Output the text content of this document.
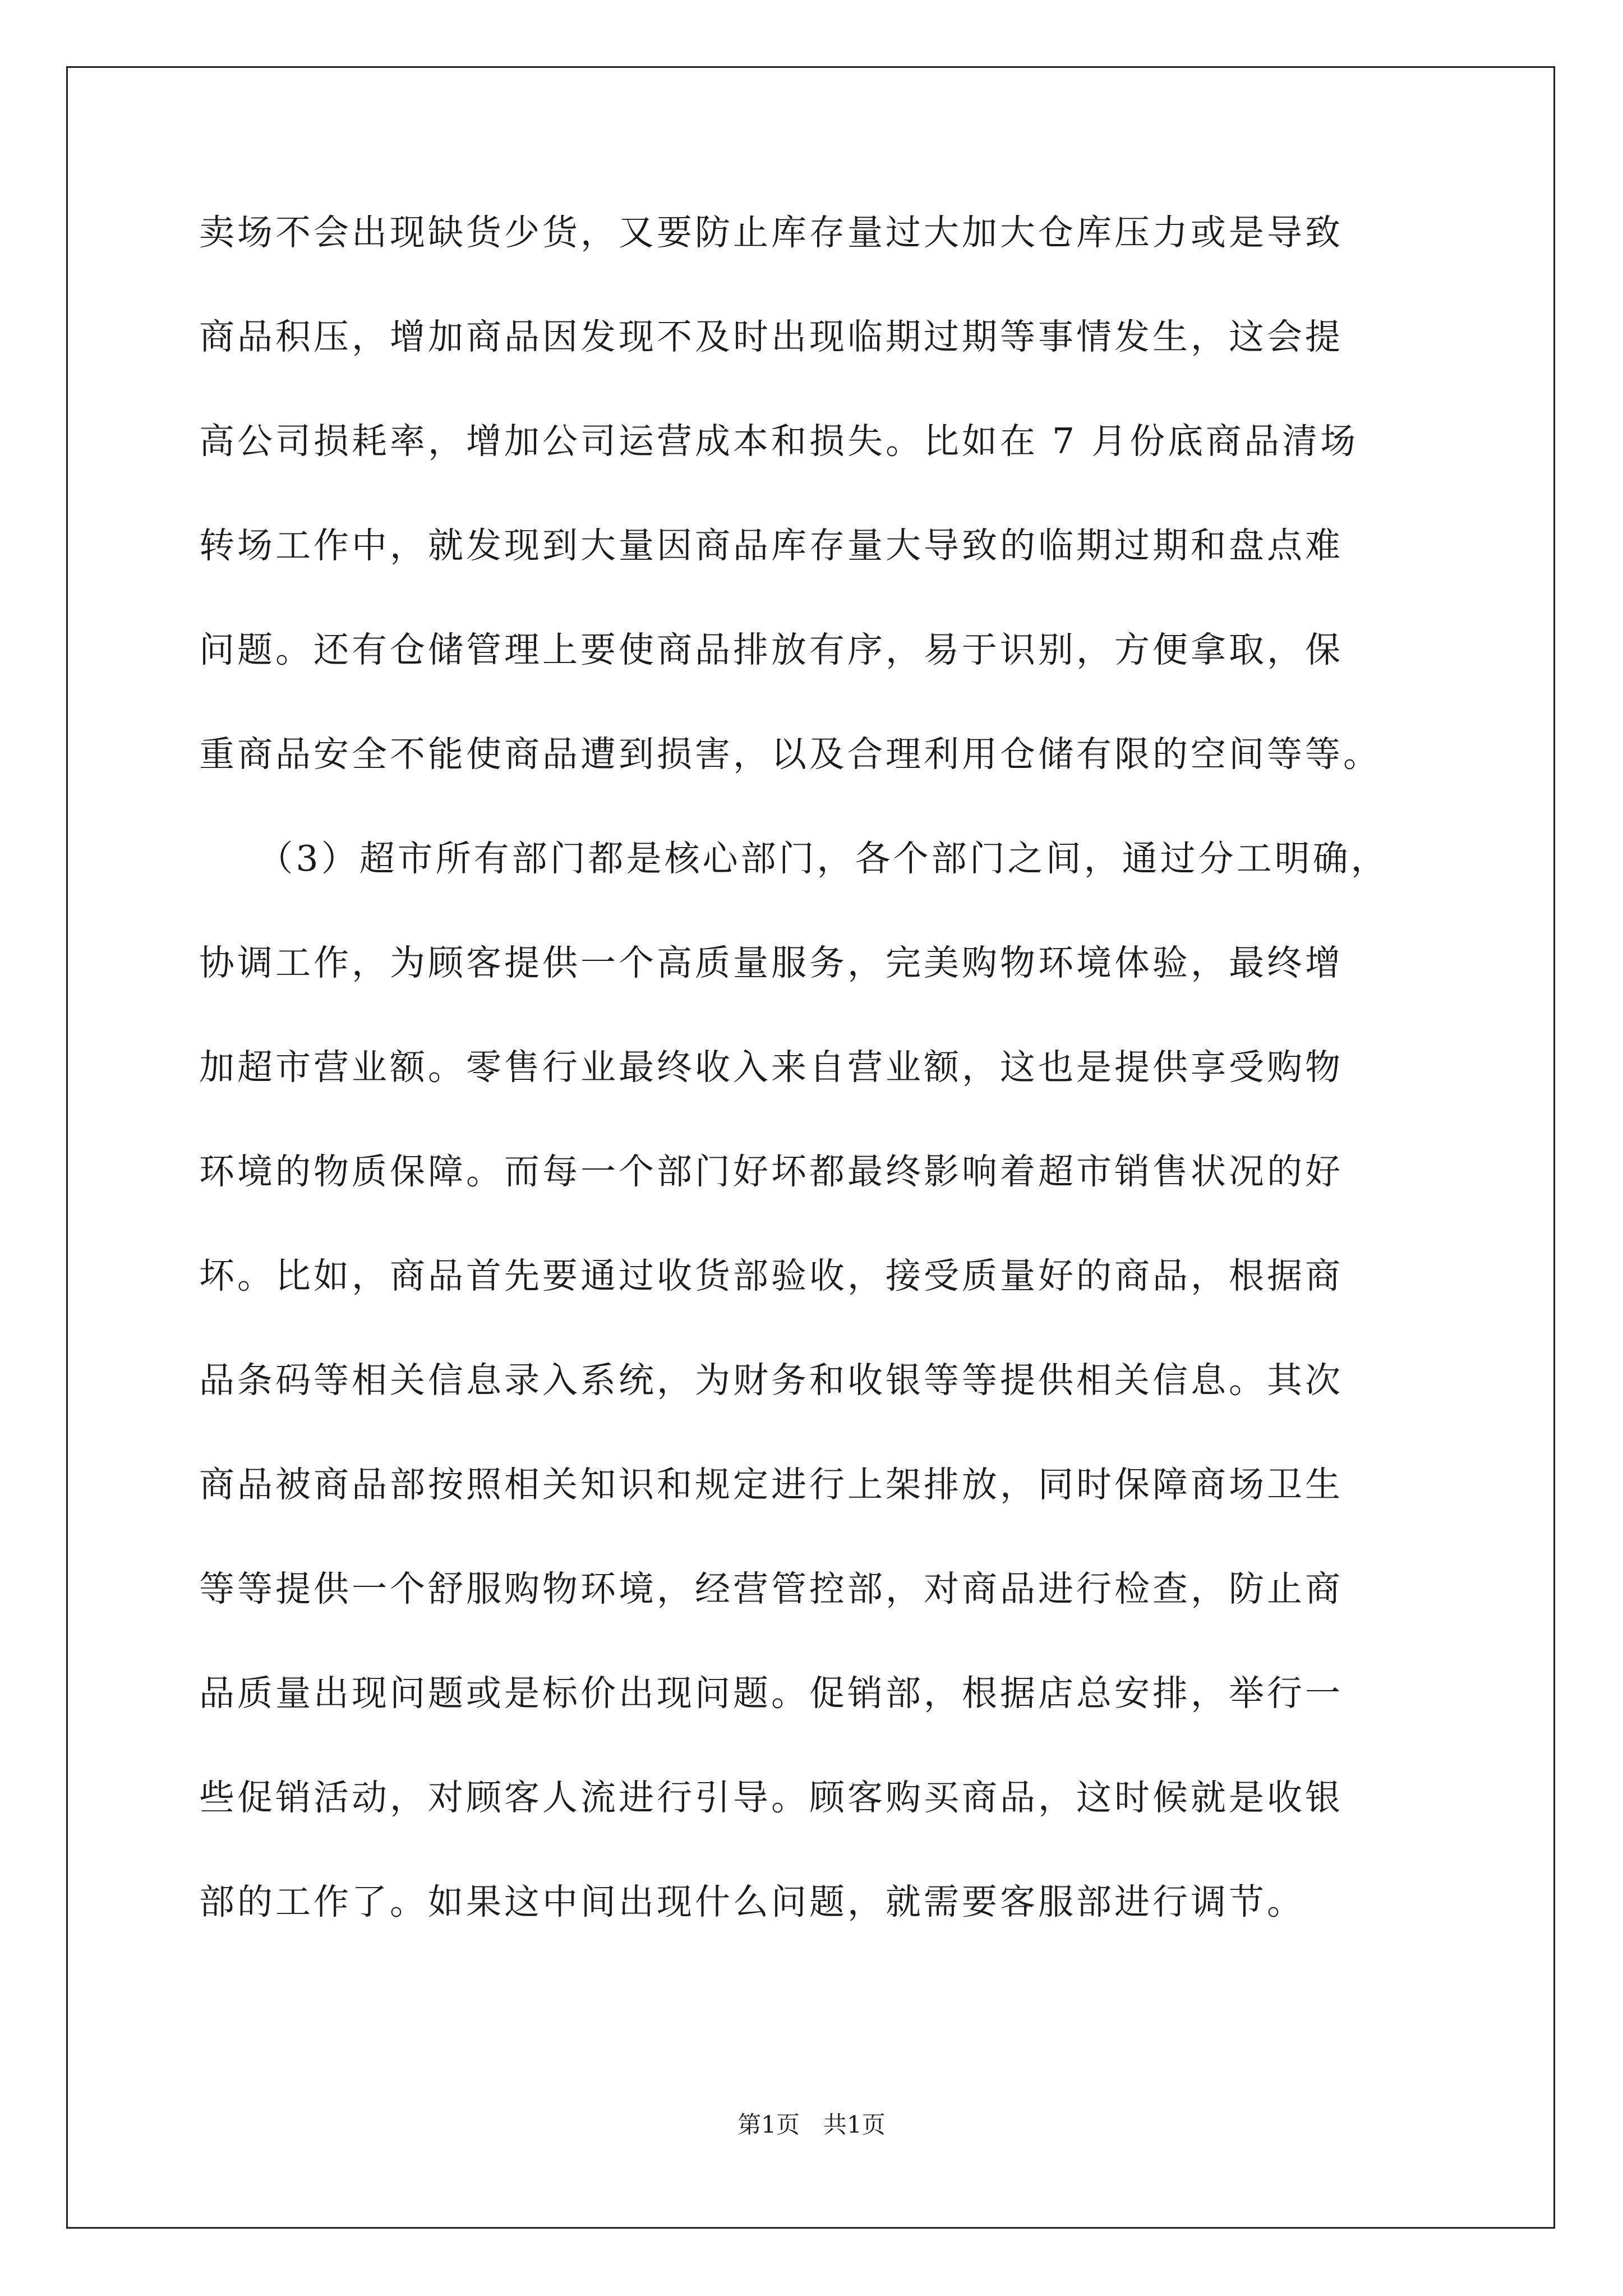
卖场不会出现缺货少货，又要防止库存量过大加大仓库压力或是导致
商品积压，增加商品因发现不及时出现临期过期等事情发生，这会提
高公司损耗率，增加公司运营成本和损失。比如在 7 月份底商品清场
转场工作中，就发现到大量因商品库存量大导致的临期过期和盘点难
问题。还有仓储管理上要使商品排放有序，易于识别，方便拿取，保
重商品安全不能使商品遭到损害，以及合理利用仓储有限的空间等等。
　　（3）超市所有部门都是核心部门，各个部门之间，通过分工明确，
协调工作，为顾客提供一个高质量服务，完美购物环境体验，最终增
加超市营业额。零售行业最终收入来自营业额，这也是提供享受购物
环境的物质保障。而每一个部门好坏都最终影响着超市销售状况的好
坏。比如，商品首先要通过收货部验收，接受质量好的商品，根据商
品条码等相关信息录入系统，为财务和收银等等提供相关信息。其次
商品被商品部按照相关知识和规定进行上架排放，同时保障商场卫生
等等提供一个舒服购物环境，经营管控部，对商品进行检查，防止商
品质量出现问题或是标价出现问题。促销部，根据店总安排，举行一
些促销活动，对顾客人流进行引导。顾客购买商品，这时候就是收银
部的工作了。如果这中间出现什么问题，就需要客服部进行调节。
第1页　共1页
